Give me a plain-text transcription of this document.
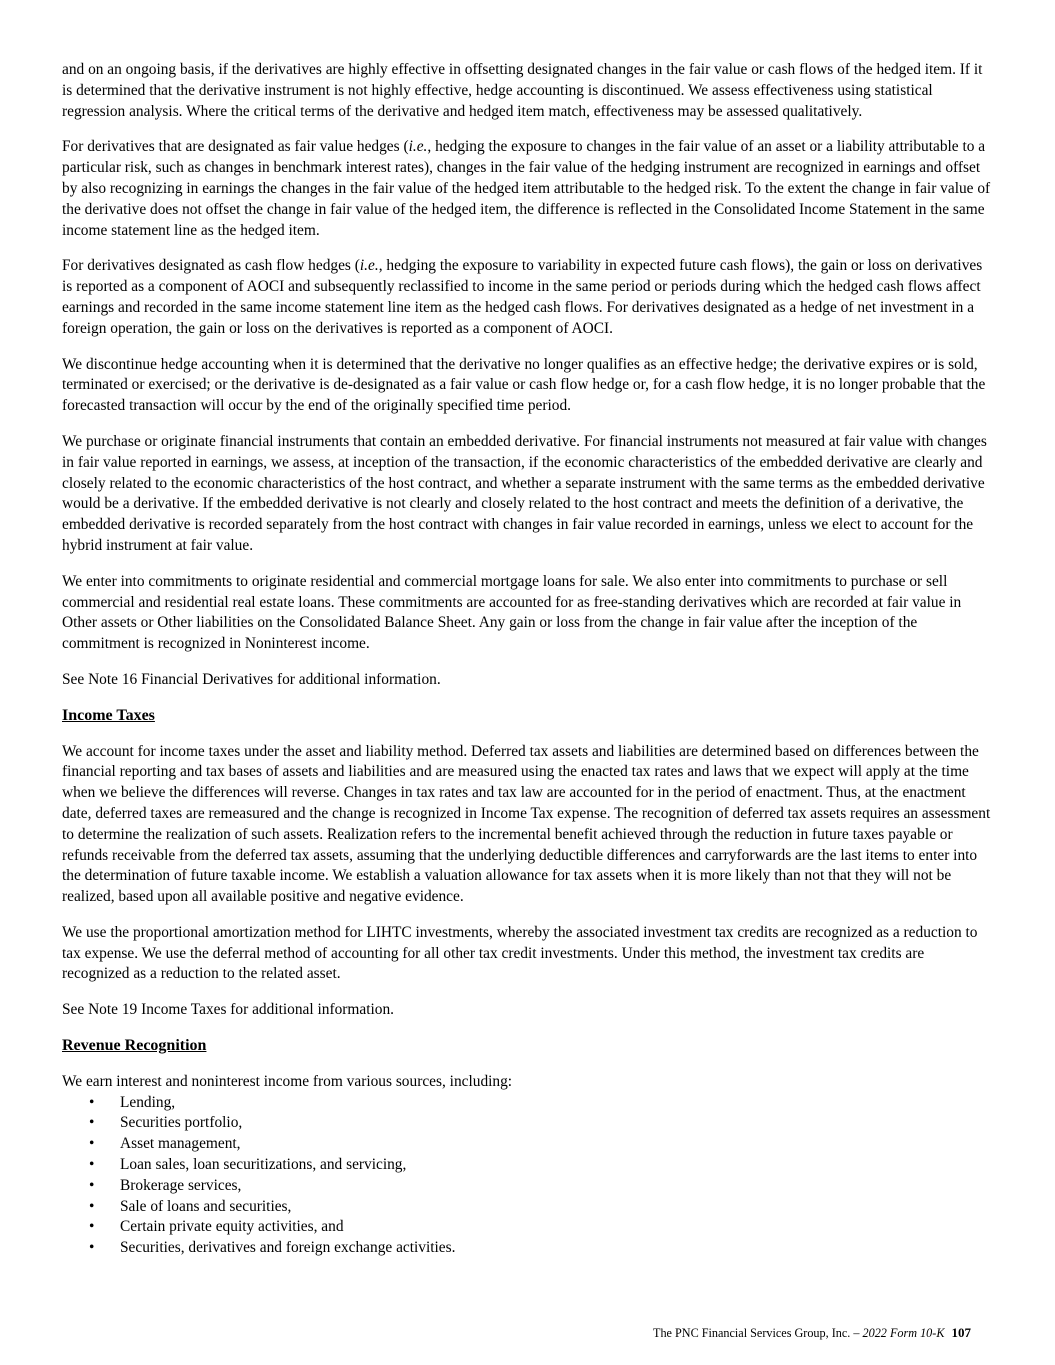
and on an ongoing basis, if the derivatives are highly effective in offsetting designated changes in the fair value or cash flows of the hedged item. If it is determined that the derivative instrument is not highly effective, hedge accounting is discontinued. We assess effectiveness using statistical regression analysis. Where the critical terms of the derivative and hedged item match, effectiveness may be assessed qualitatively.

For derivatives that are designated as fair value hedges (i.e., hedging the exposure to changes in the fair value of an asset or a liability attributable to a particular risk, such as changes in benchmark interest rates), changes in the fair value of the hedging instrument are recognized in earnings and offset by also recognizing in earnings the changes in the fair value of the hedged item attributable to the hedged risk. To the extent the change in fair value of the derivative does not offset the change in fair value of the hedged item, the difference is reflected in the Consolidated Income Statement in the same income statement line as the hedged item.

For derivatives designated as cash flow hedges (i.e., hedging the exposure to variability in expected future cash flows), the gain or loss on derivatives is reported as a component of AOCI and subsequently reclassified to income in the same period or periods during which the hedged cash flows affect earnings and recorded in the same income statement line item as the hedged cash flows. For derivatives designated as a hedge of net investment in a foreign operation, the gain or loss on the derivatives is reported as a component of AOCI.

We discontinue hedge accounting when it is determined that the derivative no longer qualifies as an effective hedge; the derivative expires or is sold, terminated or exercised; or the derivative is de-designated as a fair value or cash flow hedge or, for a cash flow hedge, it is no longer probable that the forecasted transaction will occur by the end of the originally specified time period.

We purchase or originate financial instruments that contain an embedded derivative. For financial instruments not measured at fair value with changes in fair value reported in earnings, we assess, at inception of the transaction, if the economic characteristics of the embedded derivative are clearly and closely related to the economic characteristics of the host contract, and whether a separate instrument with the same terms as the embedded derivative would be a derivative. If the embedded derivative is not clearly and closely related to the host contract and meets the definition of a derivative, the embedded derivative is recorded separately from the host contract with changes in fair value recorded in earnings, unless we elect to account for the hybrid instrument at fair value.

We enter into commitments to originate residential and commercial mortgage loans for sale. We also enter into commitments to purchase or sell commercial and residential real estate loans. These commitments are accounted for as free-standing derivatives which are recorded at fair value in Other assets or Other liabilities on the Consolidated Balance Sheet. Any gain or loss from the change in fair value after the inception of the commitment is recognized in Noninterest income.

See Note 16 Financial Derivatives for additional information.

Income Taxes

We account for income taxes under the asset and liability method. Deferred tax assets and liabilities are determined based on differences between the financial reporting and tax bases of assets and liabilities and are measured using the enacted tax rates and laws that we expect will apply at the time when we believe the differences will reverse. Changes in tax rates and tax law are accounted for in the period of enactment. Thus, at the enactment date, deferred taxes are remeasured and the change is recognized in Income Tax expense. The recognition of deferred tax assets requires an assessment to determine the realization of such assets. Realization refers to the incremental benefit achieved through the reduction in future taxes payable or refunds receivable from the deferred tax assets, assuming that the underlying deductible differences and carryforwards are the last items to enter into the determination of future taxable income. We establish a valuation allowance for tax assets when it is more likely than not that they will not be realized, based upon all available positive and negative evidence.

We use the proportional amortization method for LIHTC investments, whereby the associated investment tax credits are recognized as a reduction to tax expense. We use the deferral method of accounting for all other tax credit investments. Under this method, the investment tax credits are recognized as a reduction to the related asset.

See Note 19 Income Taxes for additional information.

Revenue Recognition

We earn interest and noninterest income from various sources, including:

• Lending,
• Securities portfolio,
• Asset management,
• Loan sales, loan securitizations, and servicing,
• Brokerage services,
• Sale of loans and securities,
• Certain private equity activities, and
• Securities, derivatives and foreign exchange activities.
The PNC Financial Services Group, Inc. – 2022 Form 10-K 107
